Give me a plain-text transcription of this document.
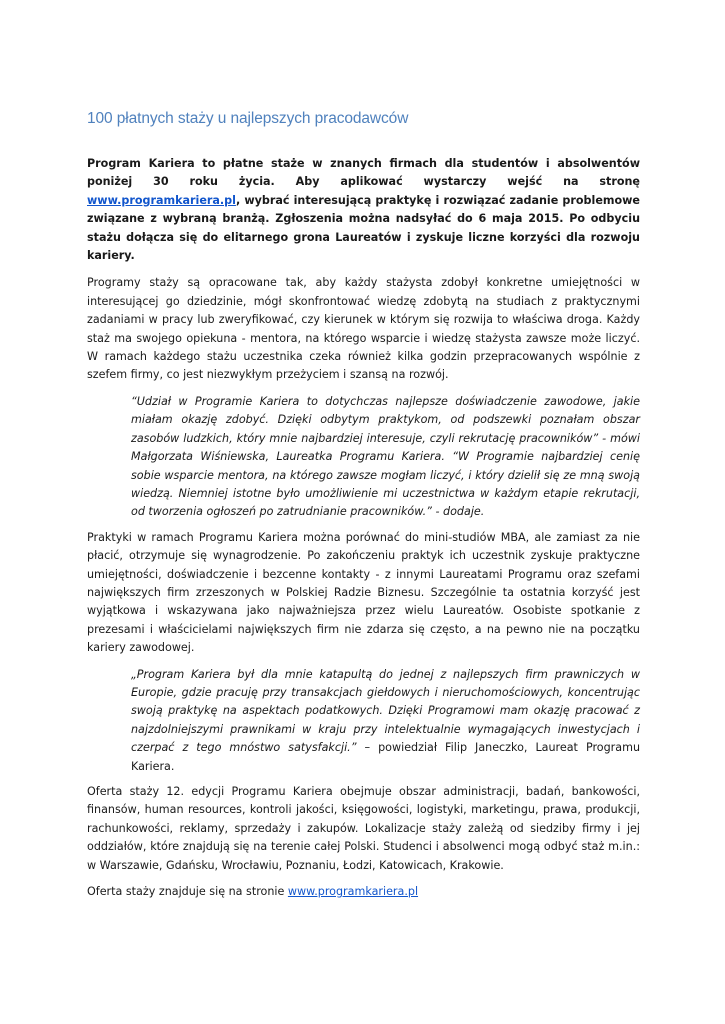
100 płatnych staży u najlepszych pracodawców

Program Kariera to płatne staże w znanych firmach dla studentów i absolwentów poniżej 30 roku życia. Aby aplikować wystarczy wejść na stronę www.programkariera.pl, wybrać interesującą praktykę i rozwiązać zadanie problemowe związane z wybraną branżą. Zgłoszenia można nadsyłać do 6 maja 2015. Po odbyciu stażu dołącza się do elitarnego grona Laureatów i zyskuje liczne korzyści dla rozwoju kariery.

Programy staży są opracowane tak, aby każdy stażysta zdobył konkretne umiejętności w interesującej go dziedzinie, mógł skonfrontować wiedzę zdobytą na studiach z praktycznymi zadaniami w pracy lub zweryfikować, czy kierunek w którym się rozwija to właściwa droga. Każdy staż ma swojego opiekuna - mentora, na którego wsparcie i wiedzę stażysta zawsze może liczyć. W ramach każdego stażu uczestnika czeka również kilka godzin przepracowanych wspólnie z szefem firmy, co jest niezwykłym przeżyciem i szansą na rozwój.

“Udział w Programie Kariera to dotychczas najlepsze doświadczenie zawodowe, jakie miałam okazję zdobyć. Dzięki odbytym praktykom, od podszewki poznałam obszar zasobów ludzkich, który mnie najbardziej interesuje, czyli rekrutację pracowników” - mówi Małgorzata Wiśniewska, Laureatka Programu Kariera. “W Programie najbardziej cenię sobie wsparcie mentora, na którego zawsze mogłam liczyć, i który dzielił się ze mną swoją wiedzą. Niemniej istotne było umożliwienie mi uczestnictwa w każdym etapie rekrutacji, od tworzenia ogłoszeń po zatrudnianie pracowników.” - dodaje.

Praktyki w ramach Programu Kariera można porównać do mini-studiów MBA, ale zamiast za nie płacić, otrzymuje się wynagrodzenie. Po zakończeniu praktyk ich uczestnik zyskuje praktyczne umiejętności, doświadczenie i bezcenne kontakty - z innymi Laureatami Programu oraz szefami największych firm zrzeszonych w Polskiej Radzie Biznesu. Szczególnie ta ostatnia korzyść jest wyjątkowa i wskazywana jako najważniejsza przez wielu Laureatów. Osobiste spotkanie z prezesami i właścicielami największych firm nie zdarza się często, a na pewno nie na początku kariery zawodowej.

„Program Kariera był dla mnie katapultą do jednej z najlepszych firm prawniczych w Europie, gdzie pracuję przy transakcjach giełdowych i nieruchomościowych, koncentrując swoją praktykę na aspektach podatkowych. Dzięki Programowi mam okazję pracować z najzdolniejszymi prawnikami w kraju przy intelektualnie wymagających inwestycjach i czerpać z tego mnóstwo satysfakcji.” – powiedział Filip Janeczko, Laureat Programu Kariera.

Oferta staży 12. edycji Programu Kariera obejmuje obszar administracji, badań, bankowości, finansów, human resources, kontroli jakości, księgowości, logistyki, marketingu, prawa, produkcji, rachunkowości, reklamy, sprzedaży i zakupów. Lokalizacje staży zależą od siedziby firmy i jej oddziałów, które znajdują się na terenie całej Polski. Studenci i absolwenci mogą odbyć staż m.in.: w Warszawie, Gdańsku, Wrocławiu, Poznaniu, Łodzi, Katowicach, Krakowie.

Oferta staży znajduje się na stronie www.programkariera.pl
